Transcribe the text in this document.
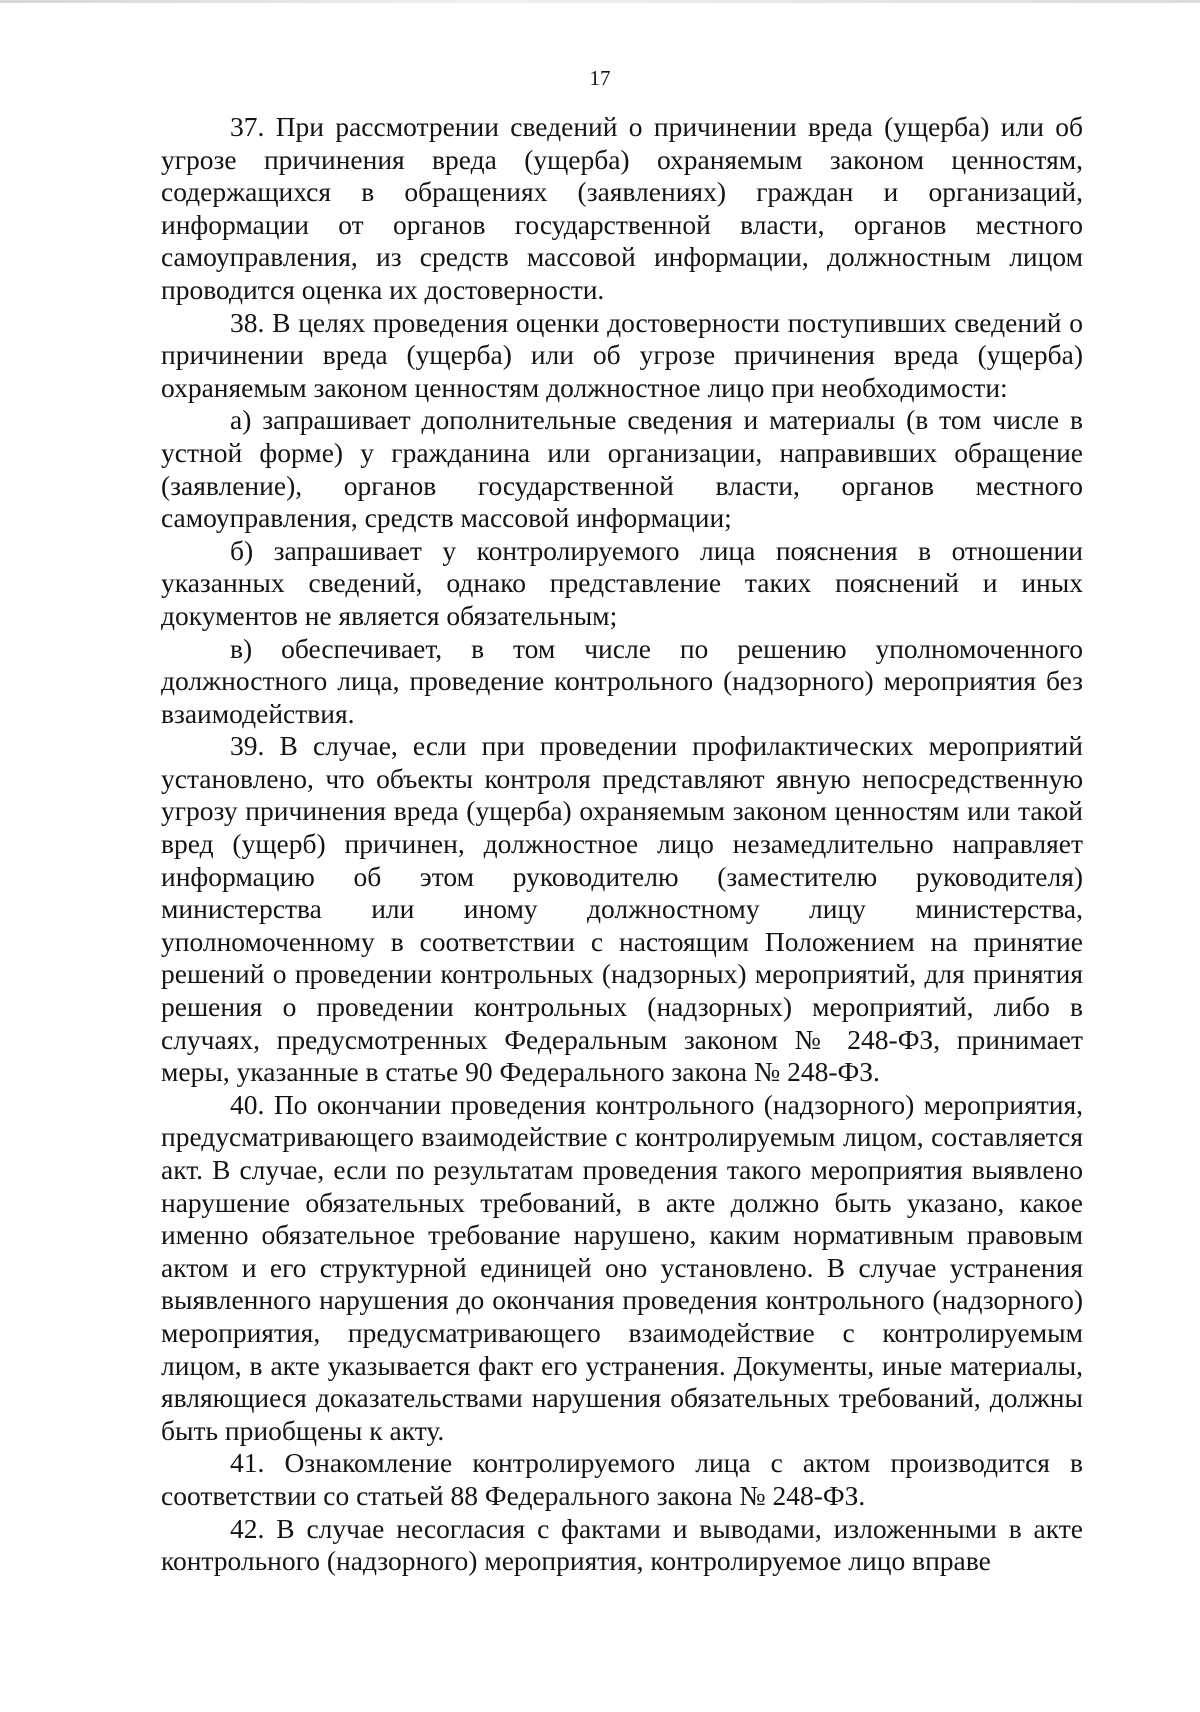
17

37. При рассмотрении сведений о причинении вреда (ущерба) или об угрозе причинения вреда (ущерба) охраняемым законом ценностям, содержащихся в обращениях (заявлениях) граждан и организаций, информации от органов государственной власти, органов местного самоуправления, из средств массовой информации, должностным лицом проводится оценка их достоверности.

38. В целях проведения оценки достоверности поступивших сведений о причинении вреда (ущерба) или об угрозе причинения вреда (ущерба) охраняемым законом ценностям должностное лицо при необходимости:

а) запрашивает дополнительные сведения и материалы (в том числе в устной форме) у гражданина или организации, направивших обращение (заявление), органов государственной власти, органов местного самоуправления, средств массовой информации;

б) запрашивает у контролируемого лица пояснения в отношении указанных сведений, однако представление таких пояснений и иных документов не является обязательным;

в) обеспечивает, в том числе по решению уполномоченного должностного лица, проведение контрольного (надзорного) мероприятия без взаимодействия.

39. В случае, если при проведении профилактических мероприятий установлено, что объекты контроля представляют явную непосредственную угрозу причинения вреда (ущерба) охраняемым законом ценностям или такой вред (ущерб) причинен, должностное лицо незамедлительно направляет информацию об этом руководителю (заместителю руководителя) министерства или иному должностному лицу министерства, уполномоченному в соответствии с настоящим Положением на принятие решений о проведении контрольных (надзорных) мероприятий, для принятия решения о проведении контрольных (надзорных) мероприятий, либо в случаях, предусмотренных Федеральным законом № 248-ФЗ, принимает меры, указанные в статье 90 Федерального закона № 248-ФЗ.

40. По окончании проведения контрольного (надзорного) мероприятия, предусматривающего взаимодействие с контролируемым лицом, составляется акт. В случае, если по результатам проведения такого мероприятия выявлено нарушение обязательных требований, в акте должно быть указано, какое именно обязательное требование нарушено, каким нормативным правовым актом и его структурной единицей оно установлено. В случае устранения выявленного нарушения до окончания проведения контрольного (надзорного) мероприятия, предусматривающего взаимодействие с контролируемым лицом, в акте указывается факт его устранения. Документы, иные материалы, являющиеся доказательствами нарушения обязательных требований, должны быть приобщены к акту.

41. Ознакомление контролируемого лица с актом производится в соответствии со статьей 88 Федерального закона № 248-ФЗ.

42. В случае несогласия с фактами и выводами, изложенными в акте контрольного (надзорного) мероприятия, контролируемое лицо вправе
